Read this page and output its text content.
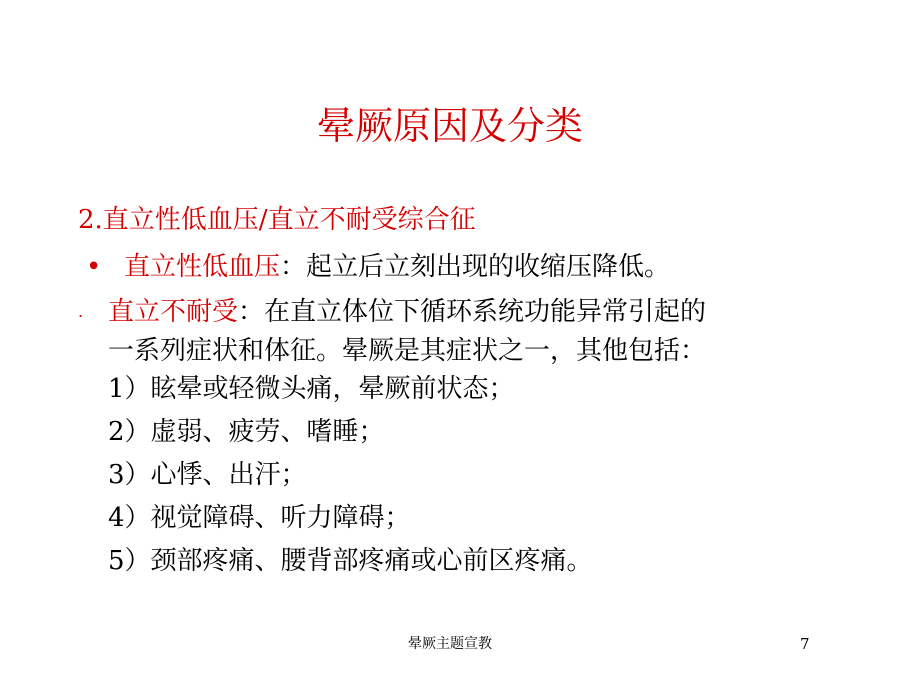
晕厥原因及分类
2.直立性低血压/直立不耐受综合征
• 直立性低血压：起立后立刻出现的收缩压降低。
. 直立不耐受：在直立体位下循环系统功能异常引起的
一系列症状和体征。晕厥是其症状之一，其他包括：
1）眩晕或轻微头痛，晕厥前状态；
2）虚弱、疲劳、嗜睡；
3）心悸、出汗；
4）视觉障碍、听力障碍；
5）颈部疼痛、腰背部疼痛或心前区疼痛。
晕厥主题宣教	7
